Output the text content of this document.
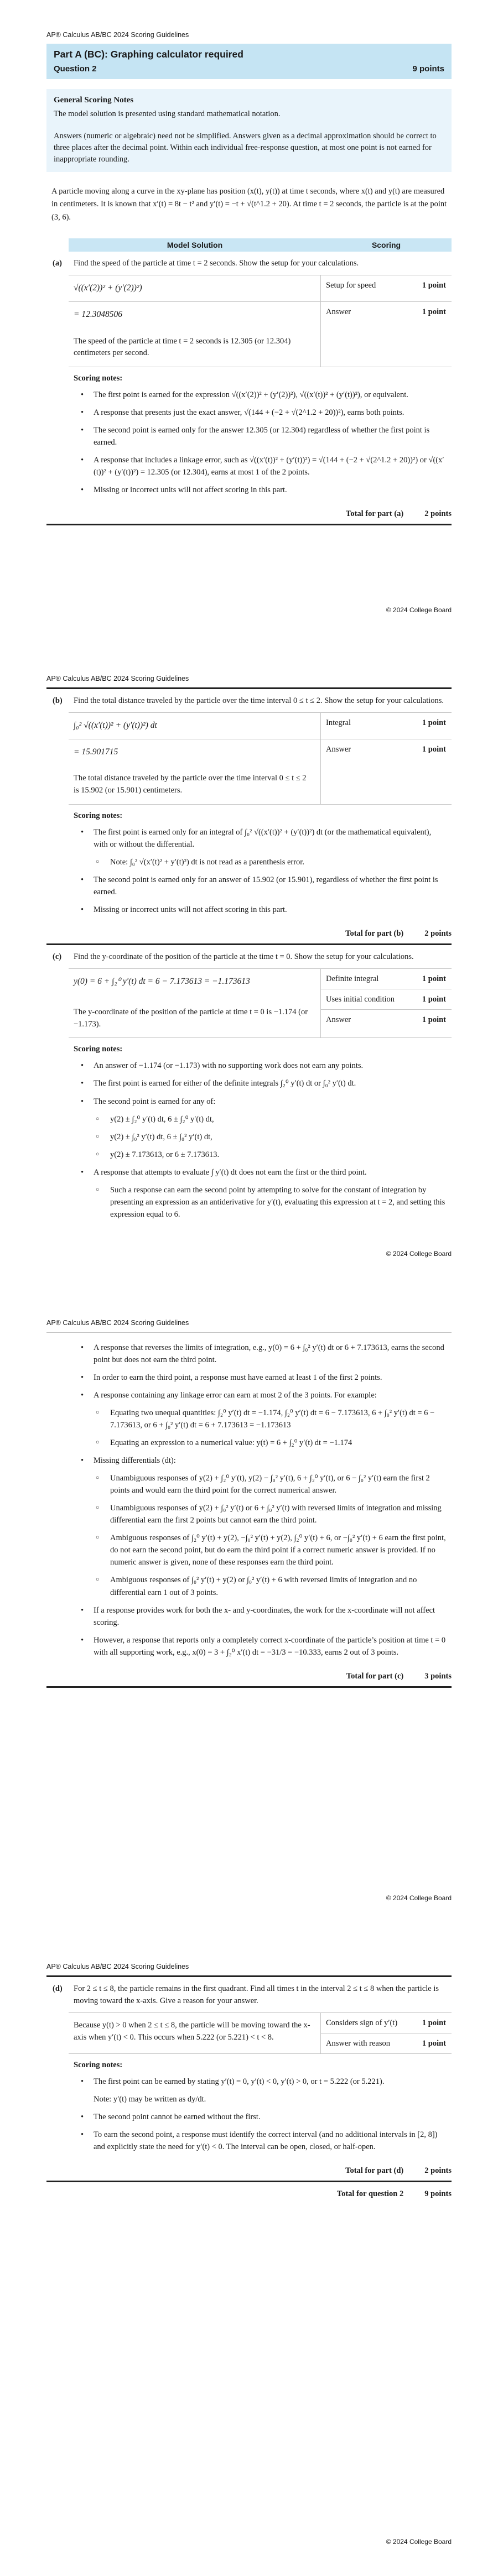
AP® Calculus AB/BC 2024 Scoring Guidelines
Part A (BC): Graphing calculator required
Question 2	9 points
General Scoring Notes

The model solution is presented using standard mathematical notation.

Answers (numeric or algebraic) need not be simplified. Answers given as a decimal approximation should be correct to three places after the decimal point. Within each individual free-response question, at most one point is not earned for inappropriate rounding.

A particle moving along a curve in the xy-plane has position (x(t), y(t)) at time t seconds, where x(t) and y(t) are measured in centimeters. It is known that x′(t) = 8t − t² and y′(t) = −t + √(t^1.2 + 20). At time t = 2 seconds, the particle is at the point (3, 6).

Model Solution	Scoring
(a)	Find the speed of the particle at time t = 2 seconds. Show the setup for your calculations.
√((x′(2))² + (y′(2))²)	Setup for speed	1 point
= 12.3048506
The speed of the particle at time t = 2 seconds is 12.305 (or 12.304) centimeters per second.
Answer	1 point
Scoring notes:
• The first point is earned for the expression √((x′(2))² + (y′(2))²), √((x′(t))² + (y′(t))²), or equivalent.
• A response that presents just the exact answer, √(144 + (−2 + √(2^1.2 + 20))²), earns both points.
• The second point is earned only for the answer 12.305 (or 12.304) regardless of whether the first point is earned.
• A response that includes a linkage error, such as √((x′(t))² + (y′(t))²) = √(144 + (−2 + √(2^1.2 + 20))²) or √((x′(t))² + (y′(t))²) = 12.305 (or 12.304), earns at most 1 of the 2 points.
• Missing or incorrect units will not affect scoring in this part.
Total for part (a)	2 points
© 2024 College Board
AP® Calculus AB/BC 2024 Scoring Guidelines
(b)	Find the total distance traveled by the particle over the time interval 0 ≤ t ≤ 2. Show the setup for your calculations.
∫₀² √((x′(t))² + (y′(t))²) dt	Integral	1 point
= 15.901715
The total distance traveled by the particle over the time interval 0 ≤ t ≤ 2 is 15.902 (or 15.901) centimeters.
Answer	1 point
Scoring notes:
• The first point is earned only for an integral of ∫₀² √((x′(t))² + (y′(t))²) dt (or the mathematical equivalent), with or without the differential.
○ Note: ∫₀² √(x′(t)² + y′(t)²) dt is not read as a parenthesis error.
• The second point is earned only for an answer of 15.902 (or 15.901), regardless of whether the first point is earned.
• Missing or incorrect units will not affect scoring in this part.
Total for part (b)	2 points
(c)	Find the y-coordinate of the position of the particle at the time t = 0. Show the setup for your calculations.
y(0) = 6 + ∫₂⁰ y′(t) dt = 6 − 7.173613 = −1.173613
The y-coordinate of the position of the particle at time t = 0 is −1.174 (or −1.173).
Definite integral	1 point
Uses initial condition	1 point
Answer	1 point
Scoring notes:
• An answer of −1.174 (or −1.173) with no supporting work does not earn any points.
• The first point is earned for either of the definite integrals ∫₂⁰ y′(t) dt or ∫₀² y′(t) dt.
• The second point is earned for any of:
○ y(2) ± ∫₂⁰ y′(t) dt, 6 ± ∫₂⁰ y′(t) dt,
○ y(2) ± ∫₀² y′(t) dt, 6 ± ∫₀² y′(t) dt,
○ y(2) ± 7.173613, or 6 ± 7.173613.
• A response that attempts to evaluate ∫ y′(t) dt does not earn the first or the third point.
○ Such a response can earn the second point by attempting to solve for the constant of integration by presenting an expression as an antiderivative for y′(t), evaluating this expression at t = 2, and setting this expression equal to 6.
© 2024 College Board
AP® Calculus AB/BC 2024 Scoring Guidelines
• A response that reverses the limits of integration, e.g., y(0) = 6 + ∫₀² y′(t) dt or 6 + 7.173613, earns the second point but does not earn the third point.
• In order to earn the third point, a response must have earned at least 1 of the first 2 points.
• A response containing any linkage error can earn at most 2 of the 3 points. For example:
○ Equating two unequal quantities: ∫₂⁰ y′(t) dt = −1.174, ∫₂⁰ y′(t) dt = 6 − 7.173613, 6 + ∫₀² y′(t) dt = 6 − 7.173613, or 6 + ∫₀² y′(t) dt = 6 + 7.173613 = −1.173613
○ Equating an expression to a numerical value: y(t) = 6 + ∫₂⁰ y′(t) dt = −1.174
• Missing differentials (dt):
○ Unambiguous responses of y(2) + ∫₂⁰ y′(t), y(2) − ∫₀² y′(t), 6 + ∫₂⁰ y′(t), or 6 − ∫₀² y′(t) earn the first 2 points and would earn the third point for the correct numerical answer.
○ Unambiguous responses of y(2) + ∫₀² y′(t) or 6 + ∫₀² y′(t) with reversed limits of integration and missing differential earn the first 2 points but cannot earn the third point.
○ Ambiguous responses of ∫₂⁰ y′(t) + y(2), −∫₀² y′(t) + y(2), ∫₂⁰ y′(t) + 6, or −∫₀² y′(t) + 6 earn the first point, do not earn the second point, but do earn the third point if a correct numeric answer is provided. If no numeric answer is given, none of these responses earn the third point.
○ Ambiguous responses of ∫₀² y′(t) + y(2) or ∫₀² y′(t) + 6 with reversed limits of integration and no differential earn 1 out of 3 points.
• If a response provides work for both the x- and y-coordinates, the work for the x-coordinate will not affect scoring.
• However, a response that reports only a completely correct x-coordinate of the particle’s position at time t = 0 with all supporting work, e.g., x(0) = 3 + ∫₂⁰ x′(t) dt = −31/3 = −10.333, earns 2 out of 3 points.
Total for part (c)	3 points
© 2024 College Board
AP® Calculus AB/BC 2024 Scoring Guidelines
(d)	For 2 ≤ t ≤ 8, the particle remains in the first quadrant. Find all times t in the interval 2 ≤ t ≤ 8 when the particle is moving toward the x-axis. Give a reason for your answer.
Because y(t) > 0 when 2 ≤ t ≤ 8, the particle will be moving toward the x-axis when y′(t) < 0. This occurs when 5.222 (or 5.221) < t < 8.
Considers sign of y′(t)	1 point
Answer with reason	1 point
Scoring notes:
• The first point can be earned by stating y′(t) = 0, y′(t) < 0, y′(t) > 0, or t = 5.222 (or 5.221).
Note: y′(t) may be written as dy/dt.
• The second point cannot be earned without the first.
• To earn the second point, a response must identify the correct interval (and no additional intervals in [2, 8]) and explicitly state the need for y′(t) < 0. The interval can be open, closed, or half-open.
Total for part (d)	2 points
Total for question 2	9 points
© 2024 College Board
